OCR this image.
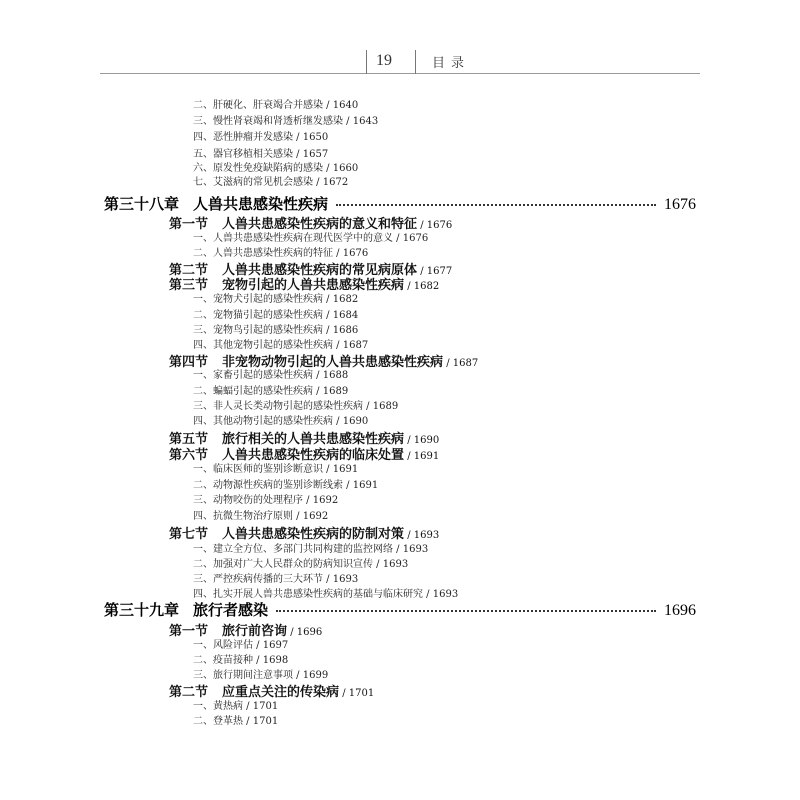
19	目录
二、肝硬化、肝衰竭合并感染 / 1640
三、慢性肾衰竭和肾透析继发感染 / 1643
四、恶性肿瘤并发感染 / 1650
五、器官移植相关感染 / 1657
六、原发性免疫缺陷病的感染 / 1660
七、艾滋病的常见机会感染 / 1672
第三十八章 人兽共患感染性疾病	1676
第一节 人兽共患感染性疾病的意义和特征 / 1676
一、人兽共患感染性疾病在现代医学中的意义 / 1676
二、人兽共患感染性疾病的特征 / 1676
第二节 人兽共患感染性疾病的常见病原体 / 1677
第三节 宠物引起的人兽共患感染性疾病 / 1682
一、宠物犬引起的感染性疾病 / 1682
二、宠物猫引起的感染性疾病 / 1684
三、宠物鸟引起的感染性疾病 / 1686
四、其他宠物引起的感染性疾病 / 1687
第四节 非宠物动物引起的人兽共患感染性疾病 / 1687
一、家畜引起的感染性疾病 / 1688
二、蝙蝠引起的感染性疾病 / 1689
三、非人灵长类动物引起的感染性疾病 / 1689
四、其他动物引起的感染性疾病 / 1690
第五节 旅行相关的人兽共患感染性疾病 / 1690
第六节 人兽共患感染性疾病的临床处置 / 1691
一、临床医师的鉴别诊断意识 / 1691
二、动物源性疾病的鉴别诊断线索 / 1691
三、动物咬伤的处理程序 / 1692
四、抗微生物治疗原则 / 1692
第七节 人兽共患感染性疾病的防制对策 / 1693
一、建立全方位、多部门共同构建的监控网络 / 1693
二、加强对广大人民群众的防病知识宣传 / 1693
三、严控疾病传播的三大环节 / 1693
四、扎实开展人兽共患感染性疾病的基础与临床研究 / 1693
第三十九章 旅行者感染	1696
第一节 旅行前咨询 / 1696
一、风险评估 / 1697
二、疫苗接种 / 1698
三、旅行期间注意事项 / 1699
第二节 应重点关注的传染病 / 1701
一、黄热病 / 1701
二、登革热 / 1701
